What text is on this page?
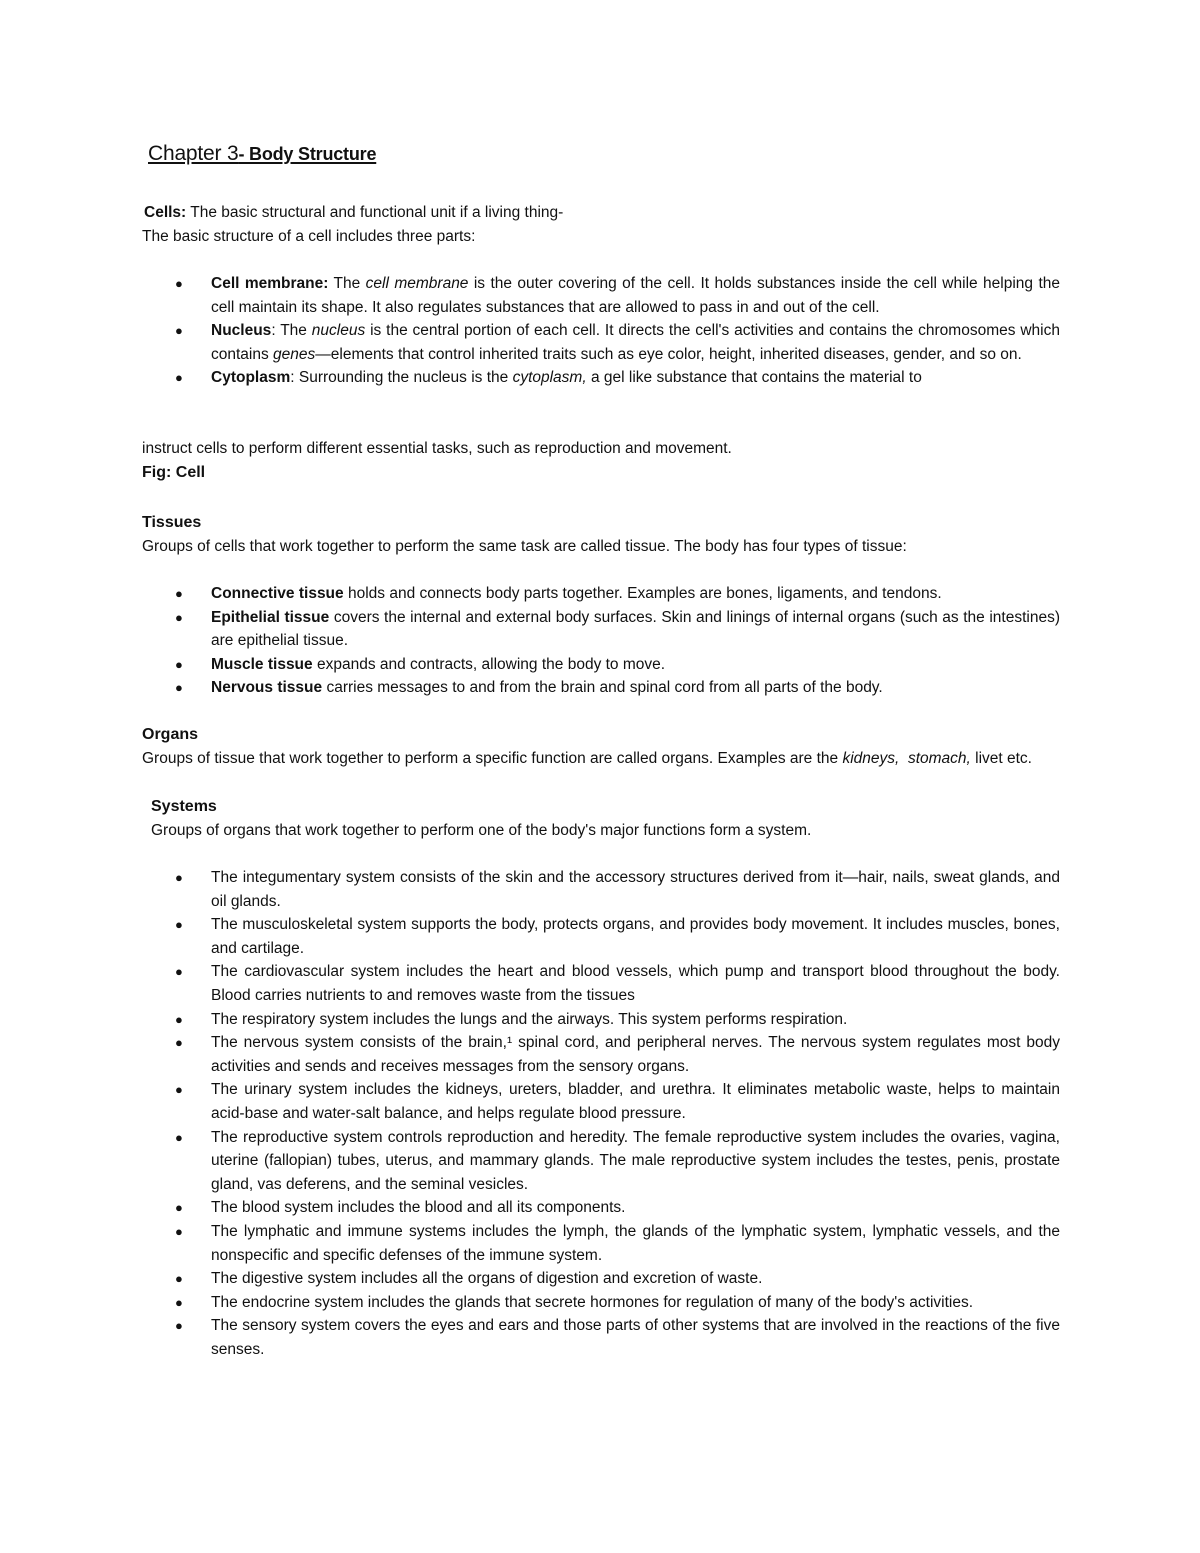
Chapter 3- Body Structure

Cells: The basic structural and functional unit if a living thing-

The basic structure of a cell includes three parts:

● Cell membrane: The cell membrane is the outer covering of the cell. It holds substances inside the cell while helping the cell maintain its shape. It also regulates substances that are allowed to pass in and out of the cell.
● Nucleus: The nucleus is the central portion of each cell. It directs the cell's activities and contains the chromosomes which contains genes—elements that control inherited traits such as eye color, height, inherited diseases, gender, and so on.
● Cytoplasm: Surrounding the nucleus is the cytoplasm, a gel like substance that contains the material to

instruct cells to perform different essential tasks, such as reproduction and movement.

Fig: Cell

Tissues

Groups of cells that work together to perform the same task are called tissue. The body has four types of tissue:

● Connective tissue holds and connects body parts together. Examples are bones, ligaments, and tendons.
● Epithelial tissue covers the internal and external body surfaces. Skin and linings of internal organs (such as the intestines) are epithelial tissue.
● Muscle tissue expands and contracts, allowing the body to move.
● Nervous tissue carries messages to and from the brain and spinal cord from all parts of the body.

Organs

Groups of tissue that work together to perform a specific function are called organs. Examples are the kidneys, stomach, livet etc.

Systems

Groups of organs that work together to perform one of the body's major functions form a system.

● The integumentary system consists of the skin and the accessory structures derived from it—hair, nails, sweat glands, and oil glands.
● The musculoskeletal system supports the body, protects organs, and provides body movement. It includes muscles, bones, and cartilage.
● The cardiovascular system includes the heart and blood vessels, which pump and transport blood throughout the body. Blood carries nutrients to and removes waste from the tissues
● The respiratory system includes the lungs and the airways. This system performs respiration.
● The nervous system consists of the brain,¹ spinal cord, and peripheral nerves. The nervous system regulates most body activities and sends and receives messages from the sensory organs.
● The urinary system includes the kidneys, ureters, bladder, and urethra. It eliminates metabolic waste, helps to maintain acid-base and water-salt balance, and helps regulate blood pressure.
● The reproductive system controls reproduction and heredity. The female reproductive system includes the ovaries, vagina, uterine (fallopian) tubes, uterus, and mammary glands. The male reproductive system includes the testes, penis, prostate gland, vas deferens, and the seminal vesicles.
● The blood system includes the blood and all its components.
● The lymphatic and immune systems includes the lymph, the glands of the lymphatic system, lymphatic vessels, and the nonspecific and specific defenses of the immune system.
● The digestive system includes all the organs of digestion and excretion of waste.
● The endocrine system includes the glands that secrete hormones for regulation of many of the body's activities.
● The sensory system covers the eyes and ears and those parts of other systems that are involved in the reactions of the five senses.
